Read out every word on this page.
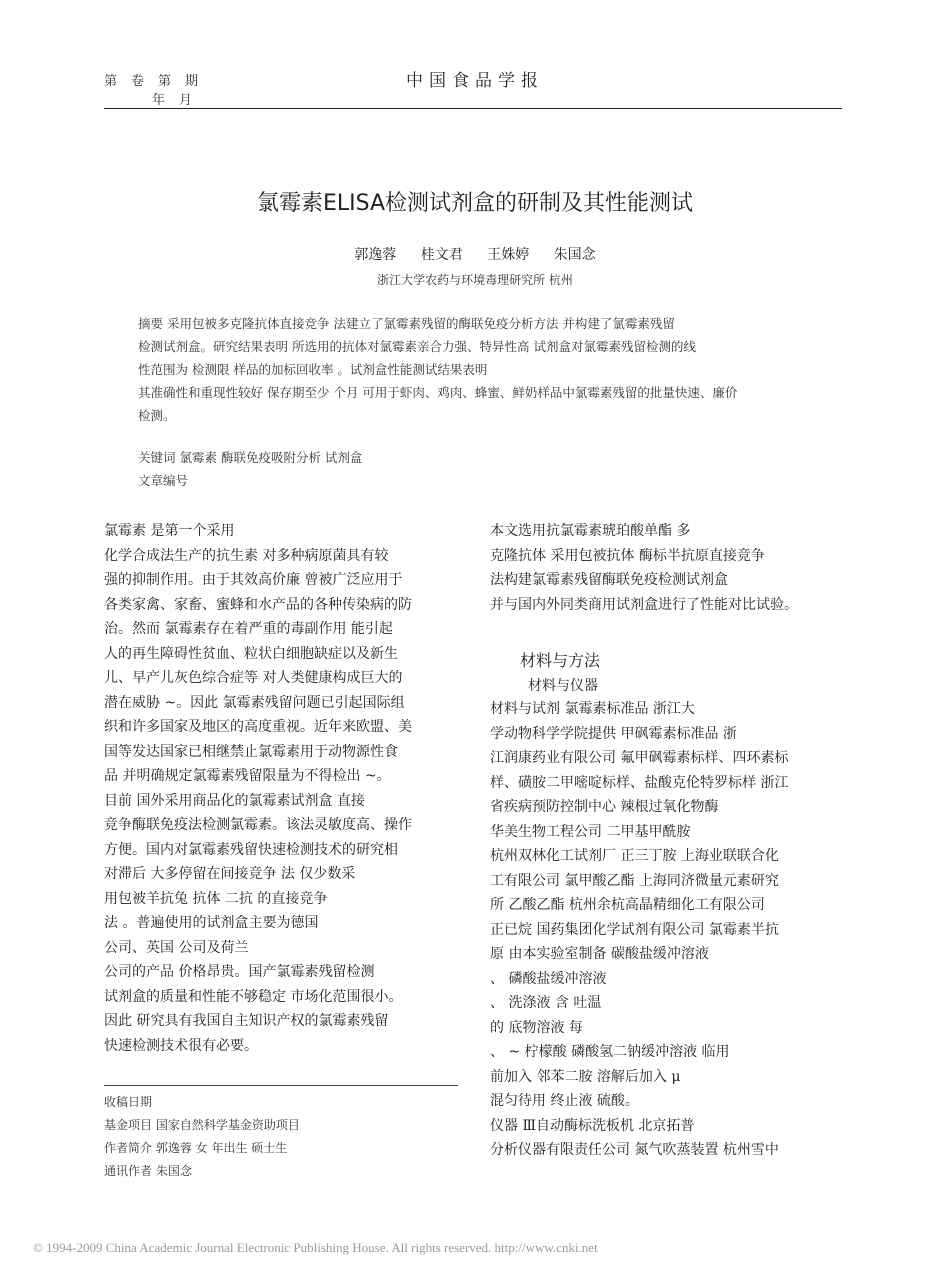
第卷第期
年月
中国食品学报
氯霉素ELISA检测试剂盒的研制及其性能测试
郭逸蓉 桂文君 王姝婷 朱国念
浙江大学农药与环境毒理研究所 杭州
摘要 采用包被多克隆抗体直接竞争 法建立了氯霉素残留的酶联免疫分析方法 并构建了氯霉素残留
检测试剂盒。研究结果表明 所选用的抗体对氯霉素亲合力强、特异性高 试剂盒对氯霉素残留检测的线
性范围为 检测限 样品的加标回收率 。试剂盒性能测试结果表明
其准确性和重现性较好 保存期至少 个月 可用于虾肉、鸡肉、蜂蜜、鲜奶样品中氯霉素残留的批量快速、廉价
检测。
关键词 氯霉素 酶联免疫吸附分析 试剂盒
文章编号
氯霉素 是第一个采用
化学合成法生产的抗生素 对多种病原菌具有较
强的抑制作用。由于其效高价廉 曾被广泛应用于
各类家禽、家畜、蜜蜂和水产品的各种传染病的防
治。然而 氯霉素存在着严重的毒副作用 能引起
人的再生障碍性贫血、粒状白细胞缺症以及新生
儿、早产儿灰色综合症等 对人类健康构成巨大的
潜在威胁 ~。因此 氯霉素残留问题已引起国际组
织和许多国家及地区的高度重视。近年来欧盟、美
国等发达国家已相继禁止氯霉素用于动物源性食
品 并明确规定氯霉素残留限量为不得检出 ~。
目前 国外采用商品化的氯霉素试剂盒 直接
竞争酶联免疫法检测氯霉素。该法灵敏度高、操作
方便。国内对氯霉素残留快速检测技术的研究相
对滞后 大多停留在间接竞争 法 仅少数采
用包被羊抗兔 抗体 二抗 的直接竞争
法 。普遍使用的试剂盒主要为德国
公司、英国 公司及荷兰
公司的产品 价格昂贵。国产氯霉素残留检测
试剂盒的质量和性能不够稳定 市场化范围很小。
因此 研究具有我国自主知识产权的氯霉素残留
快速检测技术很有必要。
收稿日期
基金项目 国家自然科学基金资助项目
作者简介 郭逸蓉 女 年出生 硕士生
通讯作者 朱国念
本文选用抗氯霉素琥珀酸单酯 多
克隆抗体 采用包被抗体 酶标半抗原直接竞争
法构建氯霉素残留酶联免疫检测试剂盒
并与国内外同类商用试剂盒进行了性能对比试验。
材料与方法
材料与仪器
材料与试剂 氯霉素标准品 浙江大
学动物科学学院提供 甲砜霉素标准品 浙
江润康药业有限公司 氟甲砜霉素标样、四环素标
样、磺胺二甲嘧啶标样、盐酸克伦特罗标样 浙江
省疾病预防控制中心 辣根过氧化物酶
华美生物工程公司 二甲基甲酰胺
杭州双林化工试剂厂 正三丁胺 上海业联联合化
工有限公司 氯甲酸乙酯 上海同济微量元素研究
所 乙酸乙酯 杭州余杭高晶精细化工有限公司
正已烷 国药集团化学试剂有限公司 氯霉素半抗
原 由本实验室制备 碳酸盐缓冲溶液
、 磷酸盐缓冲溶液
、 洗涤液 含 吐温
的 底物溶液 每
、 ~ 柠檬酸 磷酸氢二钠缓冲溶液 临用
前加入 邻苯二胺 溶解后加入 μ
混匀待用 终止液 硫酸。
仪器 Ⅲ自动酶标洗板机 北京拓普
分析仪器有限责任公司 氮气吹蒸装置 杭州雪中
© 1994-2009 China Academic Journal Electronic Publishing House. All rights reserved. http://www.cnki.net
